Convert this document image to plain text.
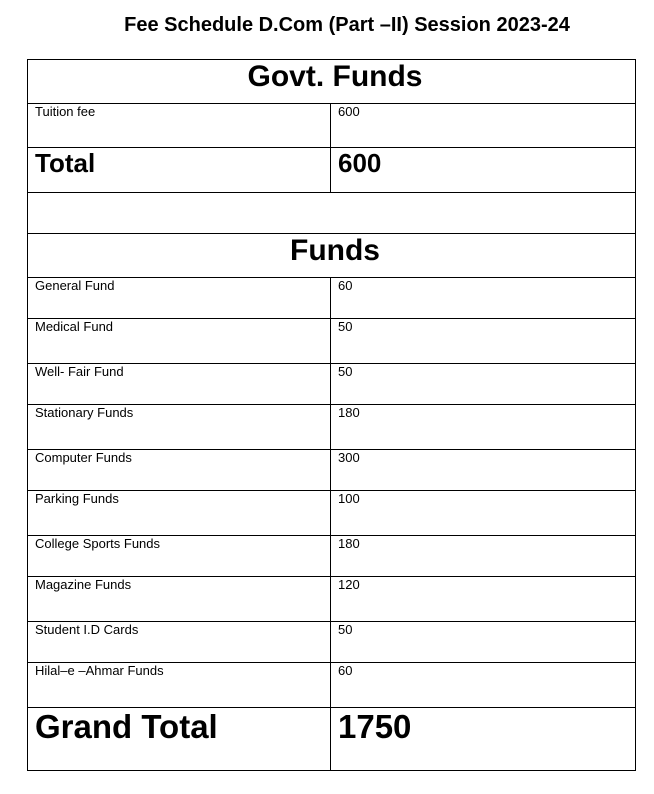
Fee Schedule D.Com (Part –II) Session 2023-24
Govt. Funds	
Tuition fee	600
Total	600

Funds	
General Fund	60
Medical Fund	50
Well- Fair Fund	50
Stationary Funds	180
Computer Funds	300
Parking Funds	100
College Sports Funds	180
Magazine Funds	120
Student I.D Cards	50
Hilal–e –Ahmar Funds	60
Grand Total	1750
